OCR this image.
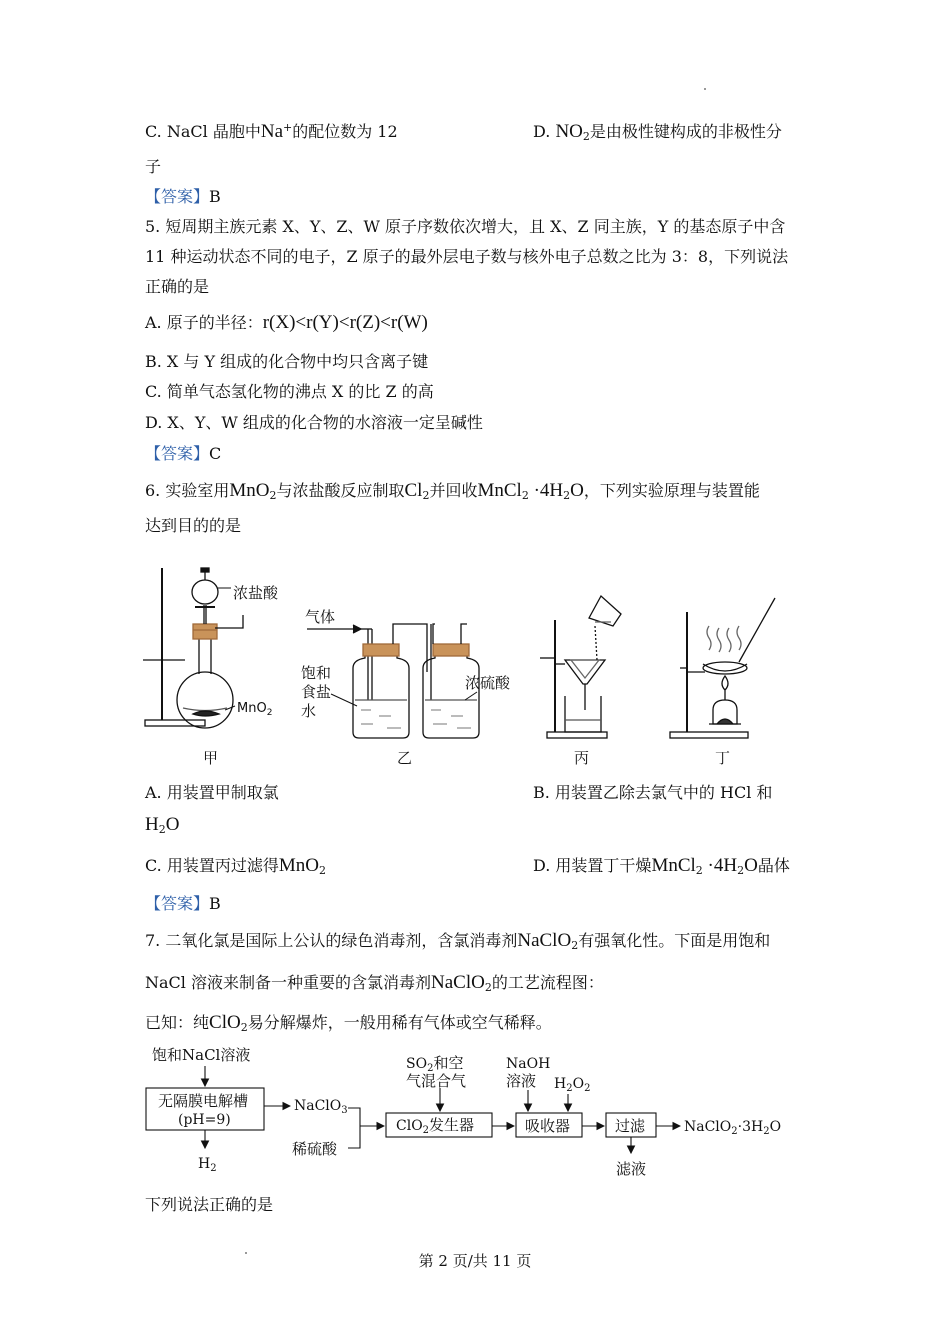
C. NaCl 晶胞中Na+的配位数为 12	D. $NO_2$是由极性键构成的非极性分
子
【答案】B
5. 短周期主族元素 X、Y、Z、W 原子序数依次增大，且 X、Z 同主族，Y 的基态原子中含
11 种运动状态不同的电子，Z 原子的最外层电子数与核外电子总数之比为 3：8，下列说法
正确的是
A. 原子的半径：r(X)<r(Y)<r(Z)<r(W)
B. X 与 Y 组成的化合物中均只含离子键
C. 简单气态氢化物的沸点 X 的比 Z 的高
D. X、Y、W 组成的化合物的水溶液一定呈碱性
【答案】C
6. 实验室用MnO$_2$与浓盐酸反应制取$Cl_2$并回收MnCl$_2$ $\cdot 4H_2O$，下列实验原理与装置能
达到目的的是
浓盐酸
MnO$_2$
气体
饱和
食盐
水
浓硫酸
甲	乙	丙	丁
A. 用装置甲制取氯	B. 用装置乙除去氯气中的 HCl 和
$H_2O$
C. 用装置丙过滤得MnO$_2$	D. 用装置丁干燥MnCl$_2$ $\cdot 4H_2O$晶体
【答案】B
7. 二氧化氯是国际上公认的绿色消毒剂，含氯消毒剂NaClO$_2$有强氧化性。下面是用饱和
NaCl 溶液来制备一种重要的含氯消毒剂NaClO$_2$的工艺流程图：
已知：纯ClO$_2$易分解爆炸，一般用稀有气体或空气稀释。
饱和NaCl溶液
无隔膜电解槽
(pH=9)
$H_2$
NaClO$_3$
稀硫酸
$SO_2$和空
气混合气
ClO$_2$发生器
NaOH
溶液 $H_2O_2$
吸收器	过滤
滤液
$NaClO_2\cdot 3H_2O$
下列说法正确的是
第 2 页/共 11 页
